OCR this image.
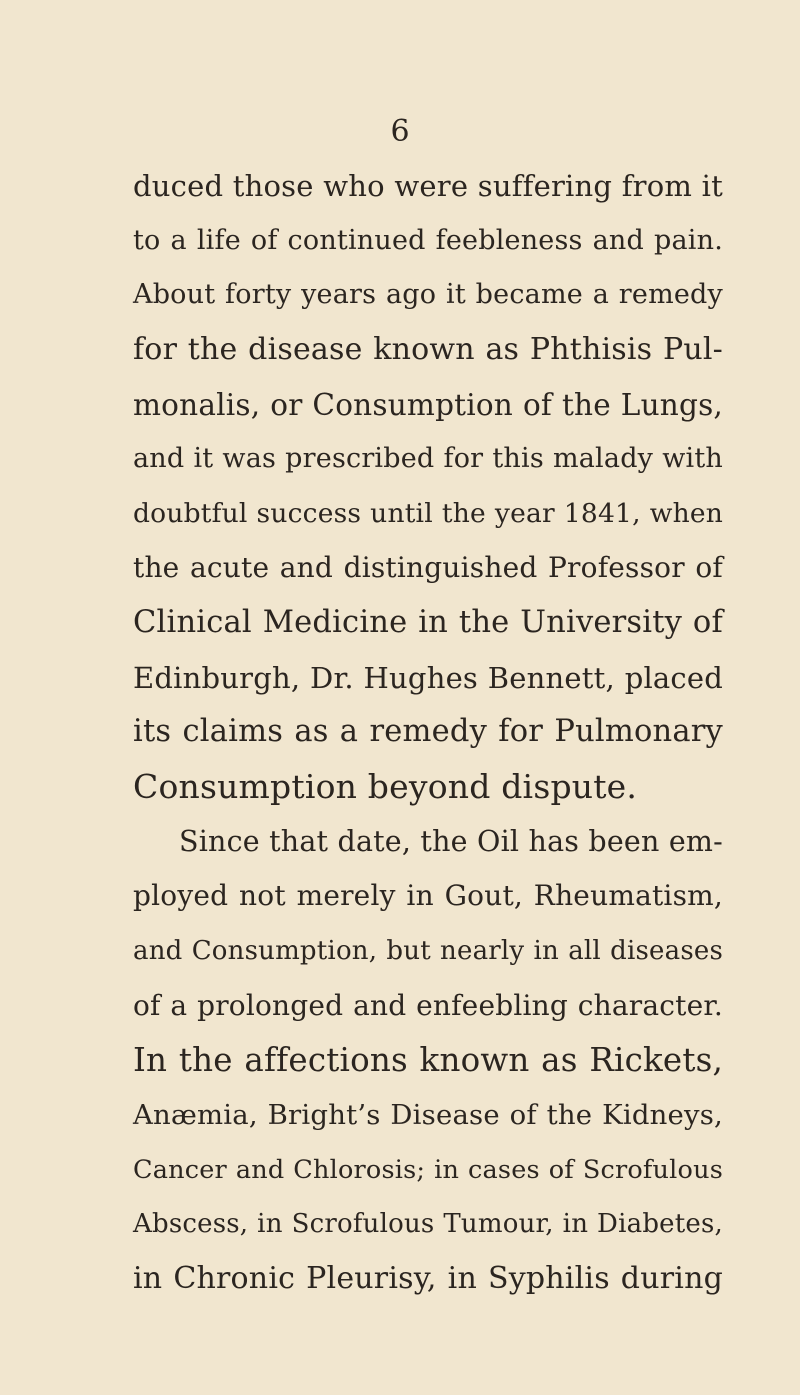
6
duced those who were suffering from it
to a life of continued feebleness and pain.
About forty years ago it became a remedy
for the disease known as Phthisis Pul-
monalis, or Consumption of the Lungs,
and it was prescribed for this malady with
doubtful success until the year 1841, when
the acute and distinguished Professor of
Clinical Medicine in the University of
Edinburgh, Dr. Hughes Bennett, placed
its claims as a remedy for Pulmonary
Consumption beyond dispute.
Since that date, the Oil has been em-
ployed not merely in Gout, Rheumatism,
and Consumption, but nearly in all diseases
of a prolonged and enfeebling character.
In the affections known as Rickets,
Anæmia, Bright’s Disease of the Kidneys,
Cancer and Chlorosis; in cases of Scrofulous
Abscess, in Scrofulous Tumour, in Diabetes,
in Chronic Pleurisy, in Syphilis during
